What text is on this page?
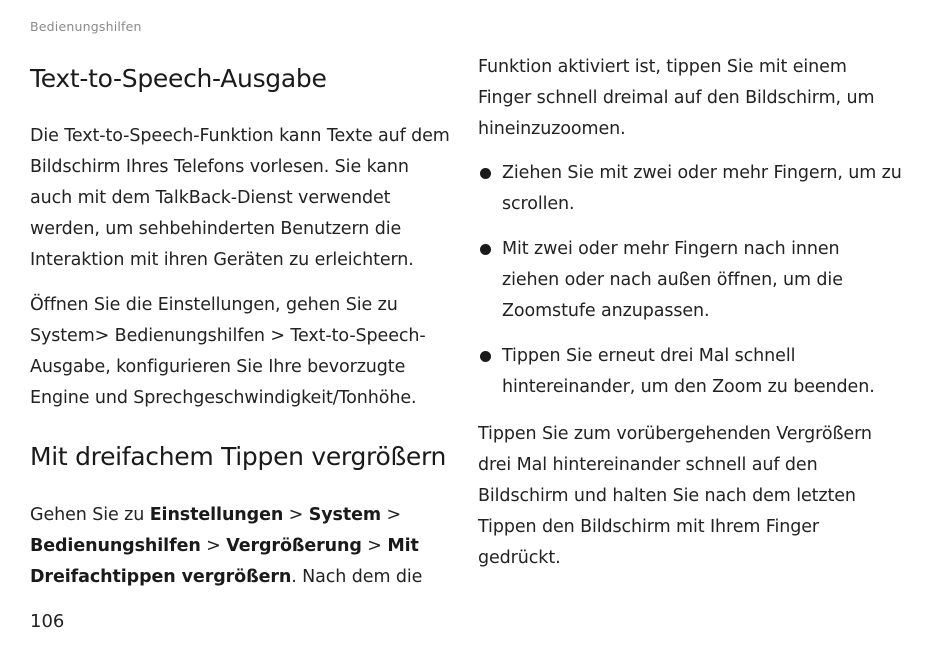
Bedienungshilfen
Text-to-Speech-Ausgabe

Die Text-to-Speech-Funktion kann Texte auf dem Bildschirm Ihres Telefons vorlesen. Sie kann auch mit dem TalkBack-Dienst verwendet werden, um sehbehinderten Benutzern die Interaktion mit ihren Geräten zu erleichtern.

Öffnen Sie die Einstellungen, gehen Sie zu System> Bedienungshilfen > Text-to-Speech-Ausgabe, konfigurieren Sie Ihre bevorzugte Engine und Sprechgeschwindigkeit/Tonhöhe.

Mit dreifachem Tippen vergrößern

Gehen Sie zu Einstellungen > System > Bedienungshilfen > Vergrößerung > Mit Dreifachtippen vergrößern. Nach dem die

Funktion aktiviert ist, tippen Sie mit einem Finger schnell dreimal auf den Bildschirm, um hineinzuzoomen.

Ziehen Sie mit zwei oder mehr Fingern, um zu scrollen.

Mit zwei oder mehr Fingern nach innen ziehen oder nach außen öffnen, um die Zoomstufe anzupassen.

Tippen Sie erneut drei Mal schnell hintereinander, um den Zoom zu beenden.

Tippen Sie zum vorübergehenden Vergrößern drei Mal hintereinander schnell auf den Bildschirm und halten Sie nach dem letzten Tippen den Bildschirm mit Ihrem Finger gedrückt.

106
